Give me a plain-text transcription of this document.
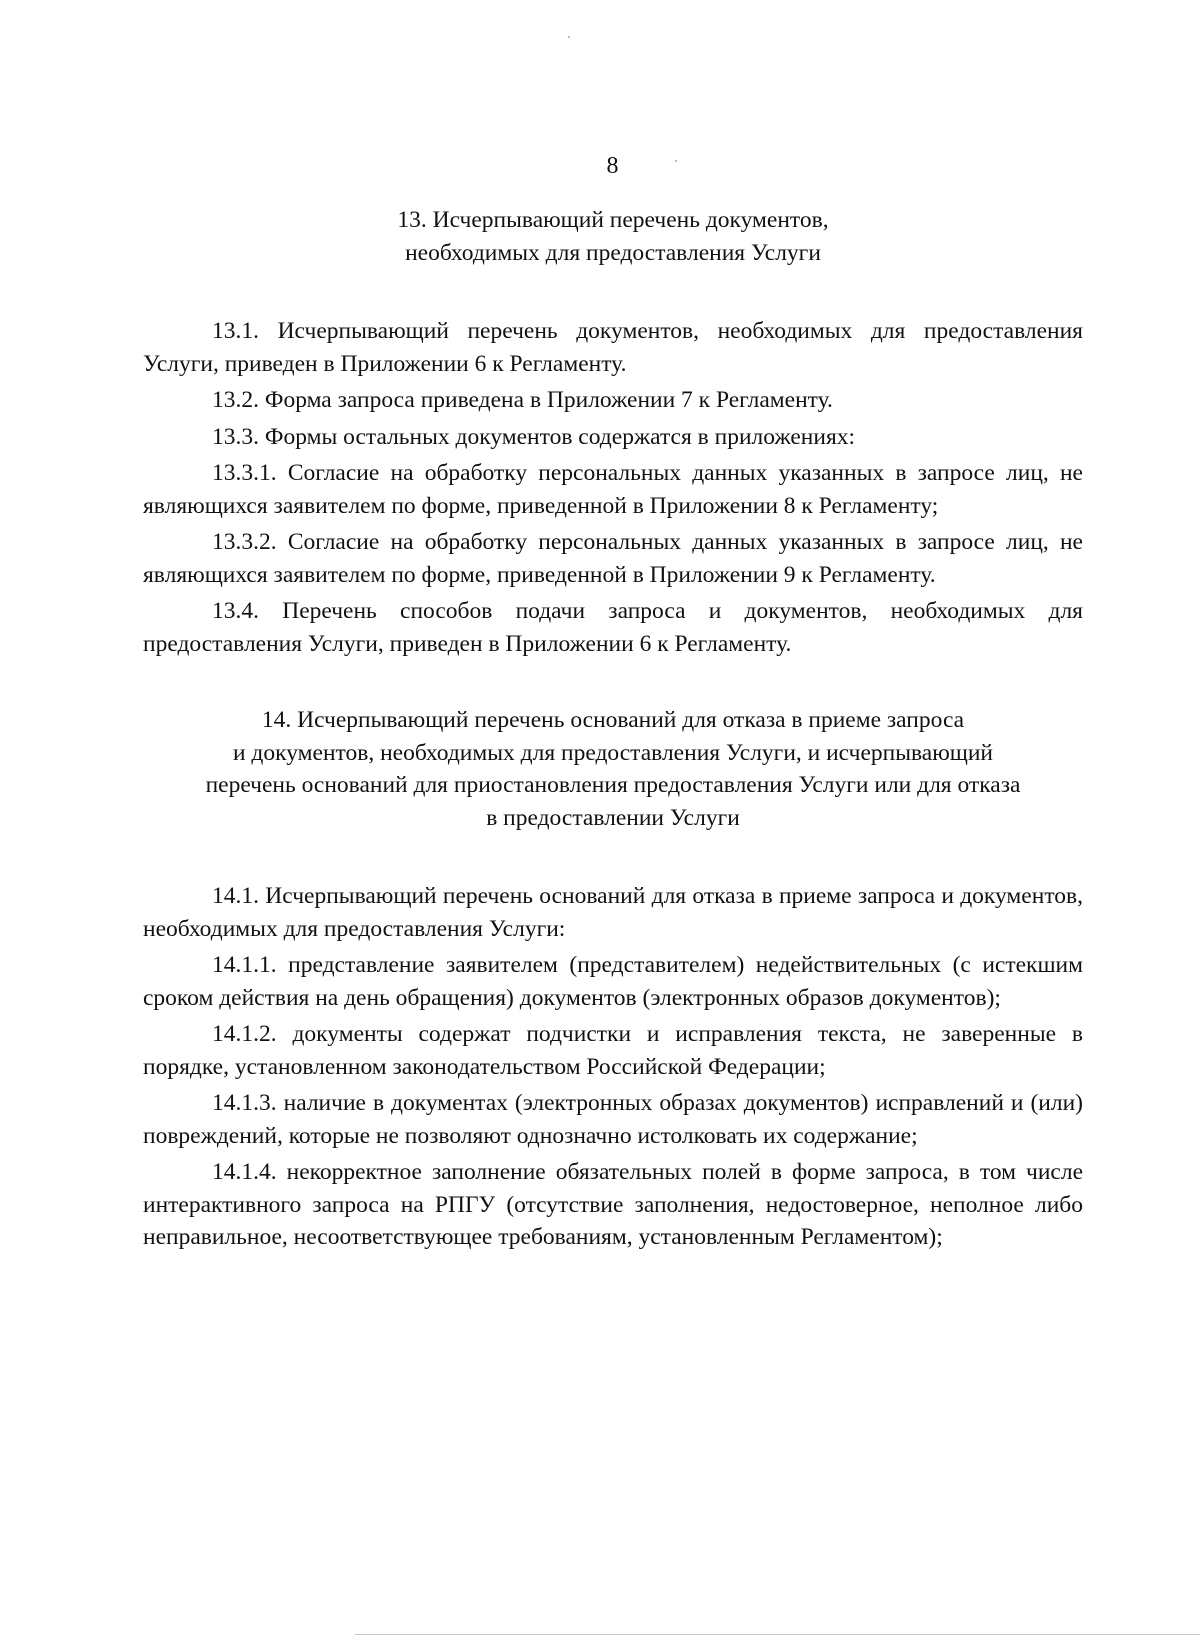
8
13. Исчерпывающий перечень документов,
необходимых для предоставления Услуги

13.1. Исчерпывающий перечень документов, необходимых для предоставления Услуги, приведен в Приложении 6 к Регламенту.

13.2. Форма запроса приведена в Приложении 7 к Регламенту.

13.3. Формы остальных документов содержатся в приложениях:

13.3.1. Согласие на обработку персональных данных указанных в запросе лиц, не являющихся заявителем по форме, приведенной в Приложении 8 к Регламенту;

13.3.2. Согласие на обработку персональных данных указанных в запросе лиц, не являющихся заявителем по форме, приведенной в Приложении 9 к Регламенту.

13.4. Перечень способов подачи запроса и документов, необходимых для предоставления Услуги, приведен в Приложении 6 к Регламенту.

14. Исчерпывающий перечень оснований для отказа в приеме запроса
и документов, необходимых для предоставления Услуги, и исчерпывающий
перечень оснований для приостановления предоставления Услуги или для отказа
в предоставлении Услуги

14.1. Исчерпывающий перечень оснований для отказа в приеме запроса и документов, необходимых для предоставления Услуги:

14.1.1. представление заявителем (представителем) недействительных (с истекшим сроком действия на день обращения) документов (электронных образов документов);

14.1.2. документы содержат подчистки и исправления текста, не заверенные в порядке, установленном законодательством Российской Федерации;

14.1.3. наличие в документах (электронных образах документов) исправлений и (или) повреждений, которые не позволяют однозначно истолковать их содержание;

14.1.4. некорректное заполнение обязательных полей в форме запроса, в том числе интерактивного запроса на РПГУ (отсутствие заполнения, недостоверное, неполное либо неправильное, несоответствующее требованиям, установленным Регламентом);
